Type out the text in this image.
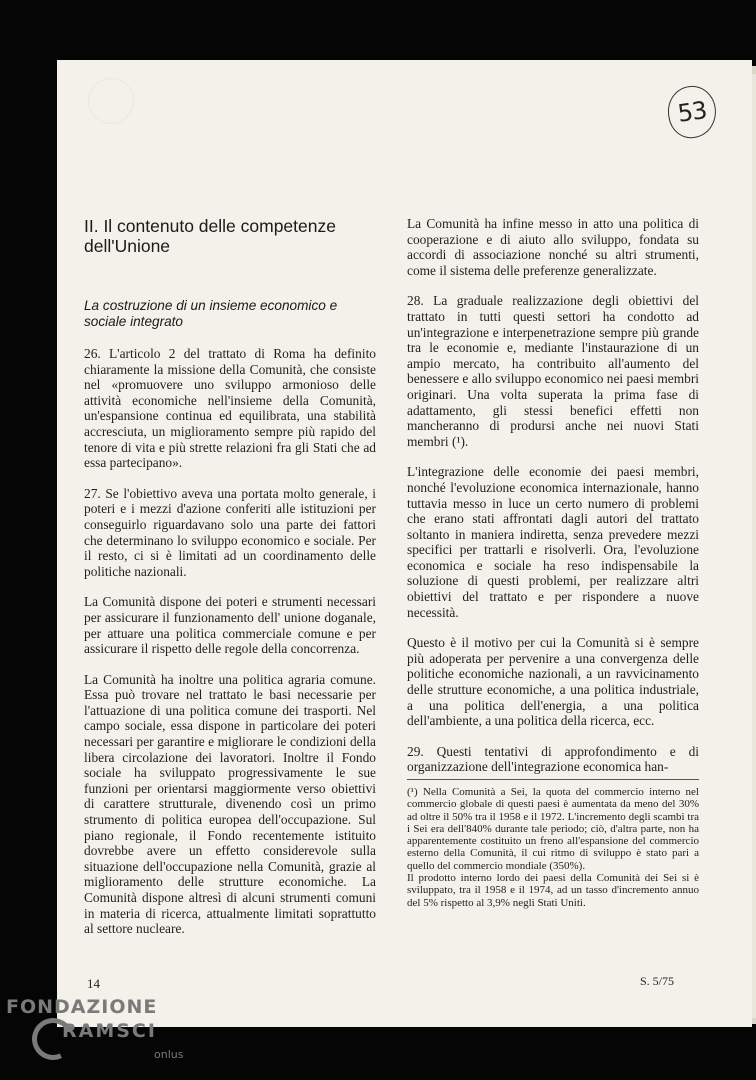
53
II. Il contenuto delle competenze dell'Unione
La costruzione di un insieme economico e sociale integrato

26. L'articolo 2 del trattato di Roma ha definito chiaramente la missione della Comunità, che consiste nel «promuovere uno sviluppo armonioso delle attività economiche nell'insieme della Comunità, un'espansione continua ed equilibrata, una stabilità accresciuta, un miglioramento sempre più rapido del tenore di vita e più strette relazioni fra gli Stati che ad essa partecipano».

27. Se l'obiettivo aveva una portata molto generale, i poteri e i mezzi d'azione conferiti alle istituzioni per conseguirlo riguardavano solo una parte dei fattori che determinano lo sviluppo economico e sociale. Per il resto, ci si è limitati ad un coordinamento delle politiche nazionali.

La Comunità dispone dei poteri e strumenti necessari per assicurare il funzionamento dell' unione doganale, per attuare una politica commerciale comune e per assicurare il rispetto delle regole della concorrenza.

La Comunità ha inoltre una politica agraria comune. Essa può trovare nel trattato le basi necessarie per l'attuazione di una politica comune dei trasporti. Nel campo sociale, essa dispone in particolare dei poteri necessari per garantire e migliorare le condizioni della libera circolazione dei lavoratori. Inoltre il Fondo sociale ha sviluppato progressivamente le sue funzioni per orientarsi maggiormente verso obiettivi di carattere strutturale, divenendo così un primo strumento di politica europea dell'occupazione. Sul piano regionale, il Fondo recentemente istituito dovrebbe avere un effetto considerevole sulla situazione dell'occupazione nella Comunità, grazie al miglioramento delle strutture economiche. La Comunità dispone altresì di alcuni strumenti comuni in materia di ricerca, attualmente limitati soprattutto al settore nucleare.

La Comunità ha infine messo in atto una politica di cooperazione e di aiuto allo sviluppo, fondata su accordi di associazione nonché su altri strumenti, come il sistema delle preferenze generalizzate.

28. La graduale realizzazione degli obiettivi del trattato in tutti questi settori ha condotto ad un'integrazione e interpenetrazione sempre più grande tra le economie e, mediante l'instaurazione di un ampio mercato, ha contribuito all'aumento del benessere e allo sviluppo economico nei paesi membri originari. Una volta superata la prima fase di adattamento, gli stessi benefici effetti non mancheranno di prodursi anche nei nuovi Stati membri (¹).

L'integrazione delle economie dei paesi membri, nonché l'evoluzione economica internazionale, hanno tuttavia messo in luce un certo numero di problemi che erano stati affrontati dagli autori del trattato soltanto in maniera indiretta, senza prevedere mezzi specifici per trattarli e risolverli. Ora, l'evoluzione economica e sociale ha reso indispensabile la soluzione di questi problemi, per realizzare altri obiettivi del trattato e per rispondere a nuove necessità.

Questo è il motivo per cui la Comunità si è sempre più adoperata per pervenire a una convergenza delle politiche economiche nazionali, a un ravvicinamento delle strutture economiche, a una politica industriale, a una politica dell'energia, a una politica dell'ambiente, a una politica della ricerca, ecc.

29. Questi tentativi di approfondimento e di organizzazione dell'integrazione economica han-

(¹) Nella Comunità a Sei, la quota del commercio interno nel commercio globale di questi paesi è aumentata da meno del 30% ad oltre il 50% tra il 1958 e il 1972. L'incremento degli scambi tra i Sei era dell'840% durante tale periodo; ciò, d'altra parte, non ha apparentemente costituito un freno all'espansione del commercio esterno della Comunità, il cui ritmo di sviluppo è stato pari a quello del commercio mondiale (350%).

Il prodotto interno lordo dei paesi della Comunità dei Sei si è sviluppato, tra il 1958 e il 1974, ad un tasso d'incremento annuo del 5% rispetto al 3,9% negli Stati Uniti.

14	S. 5/75
FONDAZIONE
RAMSCI
onlus
